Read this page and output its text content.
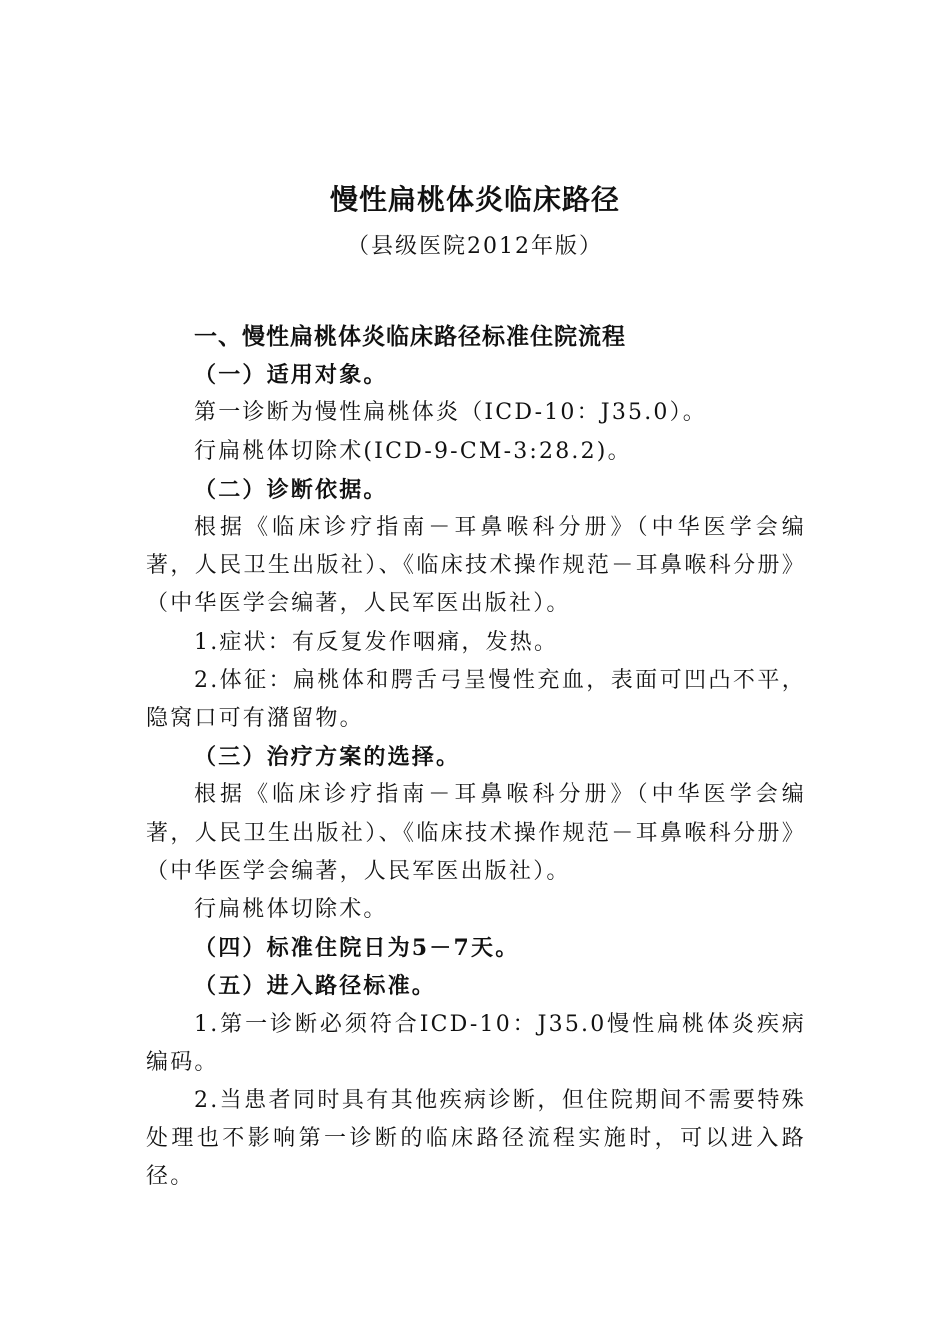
慢性扁桃体炎临床路径
（县级医院2012年版）

一、慢性扁桃体炎临床路径标准住院流程

（一）适用对象。

第一诊断为慢性扁桃体炎（ICD-10：J35.0）。

行扁桃体切除术(ICD-9-CM-3:28.2)。

（二）诊断依据。

根据《临床诊疗指南－耳鼻喉科分册》（中华医学会编著，人民卫生出版社）、《临床技术操作规范－耳鼻喉科分册》（中华医学会编著，人民军医出版社）。

1.症状：有反复发作咽痛，发热。

2.体征：扁桃体和腭舌弓呈慢性充血，表面可凹凸不平，隐窝口可有潴留物。

（三）治疗方案的选择。

根据《临床诊疗指南－耳鼻喉科分册》（中华医学会编著，人民卫生出版社）、《临床技术操作规范－耳鼻喉科分册》（中华医学会编著，人民军医出版社）。

行扁桃体切除术。

（四）标准住院日为5－7天。

（五）进入路径标准。

1.第一诊断必须符合ICD-10：J35.0慢性扁桃体炎疾病编码。

2.当患者同时具有其他疾病诊断，但住院期间不需要特殊处理也不影响第一诊断的临床路径流程实施时，可以进入路径。
